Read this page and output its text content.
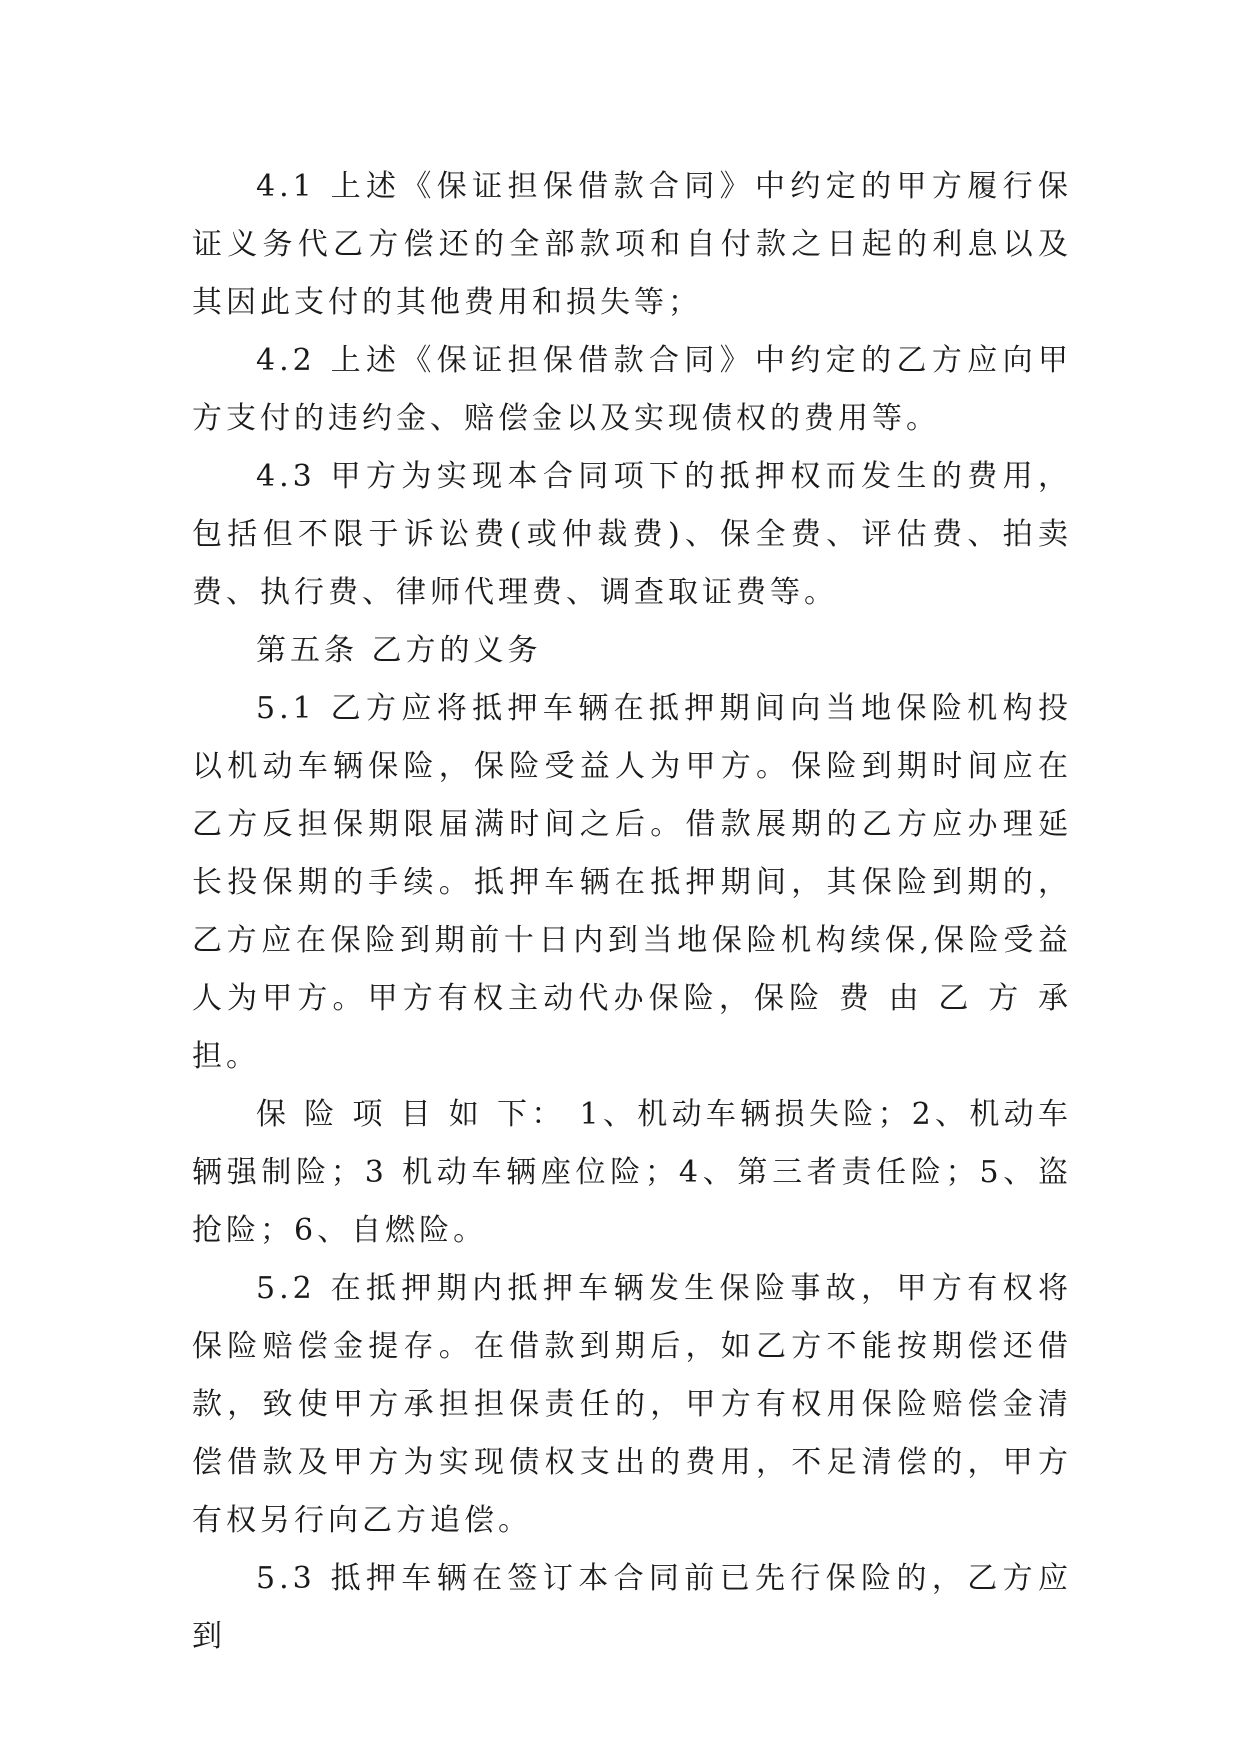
4.1 上述《保证担保借款合同》中约定的甲方履行保证义务代乙方偿还的全部款项和自付款之日起的利息以及其因此支付的其他费用和损失等；

4.2 上述《保证担保借款合同》中约定的乙方应向甲方支付的违约金、赔偿金以及实现债权的费用等。

4.3 甲方为实现本合同项下的抵押权而发生的费用，包括但不限于诉讼费(或仲裁费)、保全费、评估费、拍卖费、执行费、律师代理费、调查取证费等。

第五条 乙方的义务

5.1 乙方应将抵押车辆在抵押期间向当地保险机构投以机动车辆保险，保险受益人为甲方。保险到期时间应在乙方反担保期限届满时间之后。借款展期的乙方应办理延长投保期的手续。抵押车辆在抵押期间，其保险到期的，乙方应在保险到期前十日内到当地保险机构续保,保险受益人为甲方。甲方有权主动代办保险，保险 费 由 乙 方 承 担。

保 险 项 目 如 下： 1、机动车辆损失险；2、机动车辆强制险；3 机动车辆座位险；4、第三者责任险；5、盗抢险；6、自燃险。

5.2 在抵押期内抵押车辆发生保险事故，甲方有权将保险赔偿金提存。在借款到期后，如乙方不能按期偿还借款，致使甲方承担担保责任的，甲方有权用保险赔偿金清偿借款及甲方为实现债权支出的费用，不足清偿的，甲方有权另行向乙方追偿。

5.3 抵押车辆在签订本合同前已先行保险的，乙方应到
